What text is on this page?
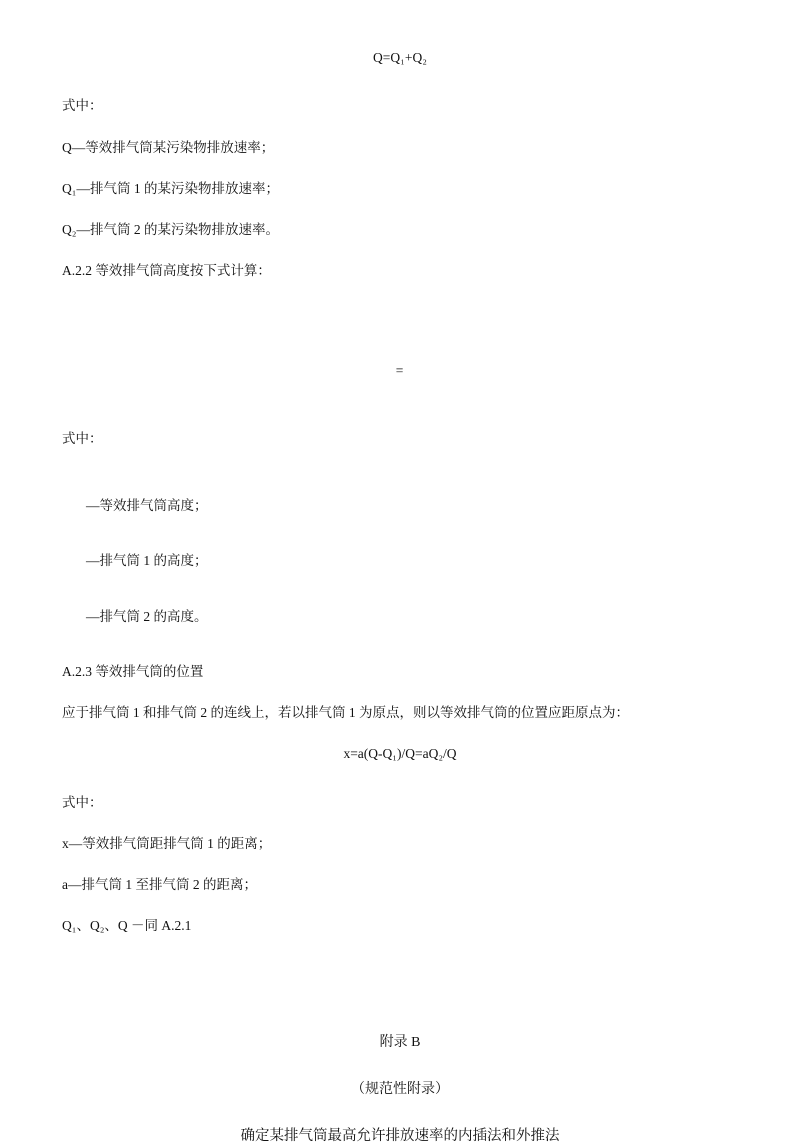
Q=Q₁+Q₂
式中：
Q—等效排气筒某污染物排放速率；
Q₁—排气筒 1 的某污染物排放速率；
Q₂—排气筒 2 的某污染物排放速率。
A.2.2 等效排气筒高度按下式计算：
=
式中：
—等效排气筒高度；
—排气筒 1 的高度；
—排气筒 2 的高度。
A.2.3 等效排气筒的位置
应于排气筒 1 和排气筒 2 的连线上，若以排气筒 1 为原点，则以等效排气筒的位置应距原点为：
x=a(Q-Q₁)/Q=aQ₂/Q
式中：
x—等效排气筒距排气筒 1 的距离；
a—排气筒 1 至排气筒 2 的距离；
Q₁、Q₂、Q －同 A.2.1
附录 B
（规范性附录）
确定某排气筒最高允许排放速率的内插法和外推法
